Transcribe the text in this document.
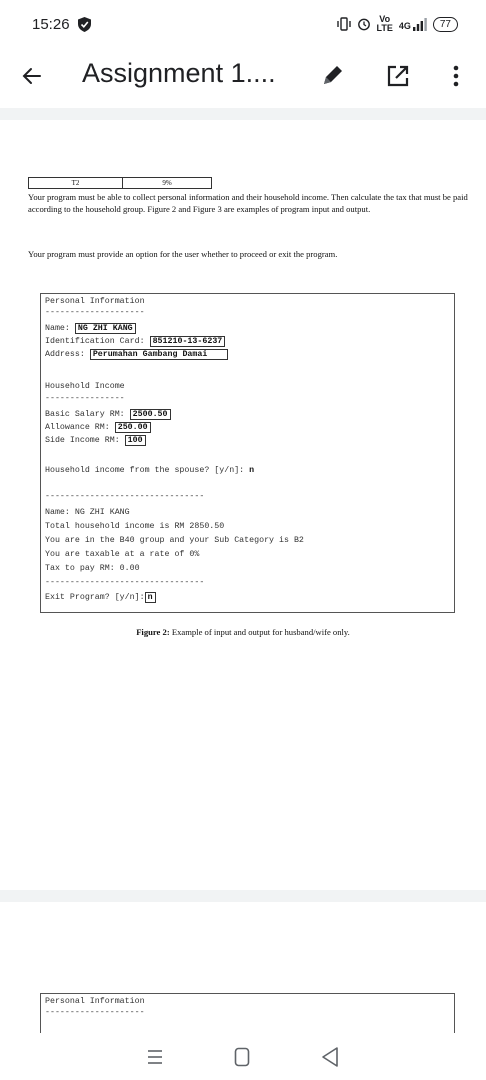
15:26	Vo
LTE 4G	77
Assignment 1....
T2	9%
Your program must be able to collect personal information and their household income. Then calculate the tax that must be paid according to the household group. Figure 2 and Figure 3 are examples of program input and output.
Your program must provide an option for the user whether to proceed or exit the program.
Personal Information
--------------------
Name: NG ZHI KANG
Identification Card: 851210-13-6237
Address: Perumahan Gambang Damai
Household Income
----------------
Basic Salary RM: 2500.50
Allowance RM: 250.00
Side Income RM: 100
Household income from the spouse? [y/n]: n
--------------------------------
Name: NG ZHI KANG
Total household income is RM 2850.50
You are in the B40 group and your Sub Category is B2
You are taxable at a rate of 0%
Tax to pay RM: 0.00
--------------------------------
Exit Program? [y/n]: n
Figure 2: Example of input and output for husband/wife only.
Personal Information
--------------------
